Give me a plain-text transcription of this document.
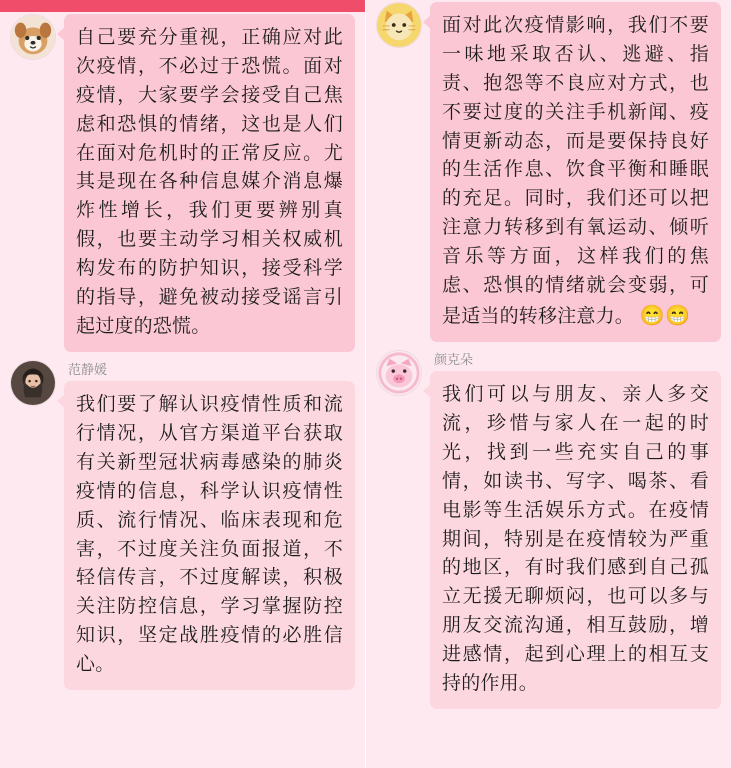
自己要充分重视，正确应对此次疫情，不必过于恐慌。面对疫情，大家要学会接受自己焦虑和恐惧的情绪，这也是人们在面对危机时的正常反应。尤其是现在各种信息媒介消息爆炸性增长，我们更要辨别真假，也要主动学习相关权威机构发布的防护知识，接受科学的指导，避免被动接受谣言引起过度的恐慌。
范静媛
我们要了解认识疫情性质和流行情况，从官方渠道平台获取有关新型冠状病毒感染的肺炎疫情的信息，科学认识疫情性质、流行情况、临床表现和危害，不过度关注负面报道，不轻信传言，不过度解读，积极关注防控信息，学习掌握防控知识，坚定战胜疫情的必胜信心。
面对此次疫情影响，我们不要一味地采取否认、逃避、指责、抱怨等不良应对方式，也不要过度的关注手机新闻、疫情更新动态，而是要保持良好的生活作息、饮食平衡和睡眠的充足。同时，我们还可以把注意力转移到有氧运动、倾听音乐等方面，这样我们的焦虑、恐惧的情绪就会变弱，可是适当的转移注意力。 😁😁
颜克朵
我们可以与朋友、亲人多交流，珍惜与家人在一起的时光，找到一些充实自己的事情，如读书、写字、喝茶、看电影等生活娱乐方式。在疫情期间，特别是在疫情较为严重的地区，有时我们感到自己孤立无援无聊烦闷，也可以多与朋友交流沟通，相互鼓励，增进感情，起到心理上的相互支持的作用。
